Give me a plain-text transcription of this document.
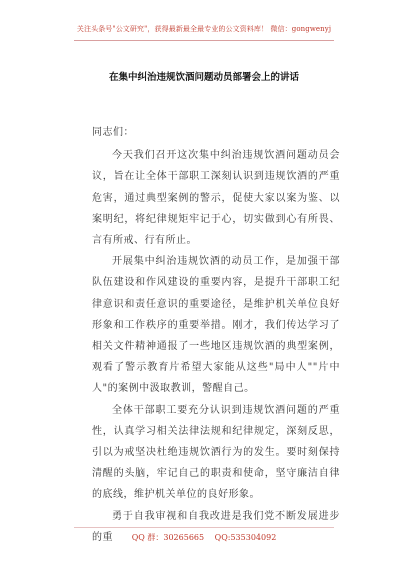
关注头条号"公文研究"，获得最新最全最专业的公文资料库！ 微信：gongwenyj
在集中纠治违规饮酒问题动员部署会上的讲话

同志们：

今天我们召开这次集中纠治违规饮酒问题动员会议，旨在让全体干部职工深刻认识到违规饮酒的严重危害，通过典型案例的警示，促使大家以案为鉴、以案明纪，将纪律规矩牢记于心，切实做到心有所畏、言有所戒、行有所止。

开展集中纠治违规饮酒的动员工作，是加强干部队伍建设和作风建设的重要内容，是提升干部职工纪律意识和责任意识的重要途径，是维护机关单位良好形象和工作秩序的重要举措。刚才，我们传达学习了相关文件精神通报了一些地区违规饮酒的典型案例，观看了警示教育片希望大家能从这些"局中人""片中人"的案例中汲取教训，警醒自己。

全体干部职工要充分认识到违规饮酒问题的严重性，认真学习相关法律法规和纪律规定，深刻反思，引以为戒坚决杜绝违规饮酒行为的发生。要时刻保持清醒的头脑，牢记自己的职责和使命，坚守廉洁自律的底线，维护机关单位的良好形象。

勇于自我审视和自我改进是我们党不断发展进步的重	QQ 群：30265665 QQ:535304092
